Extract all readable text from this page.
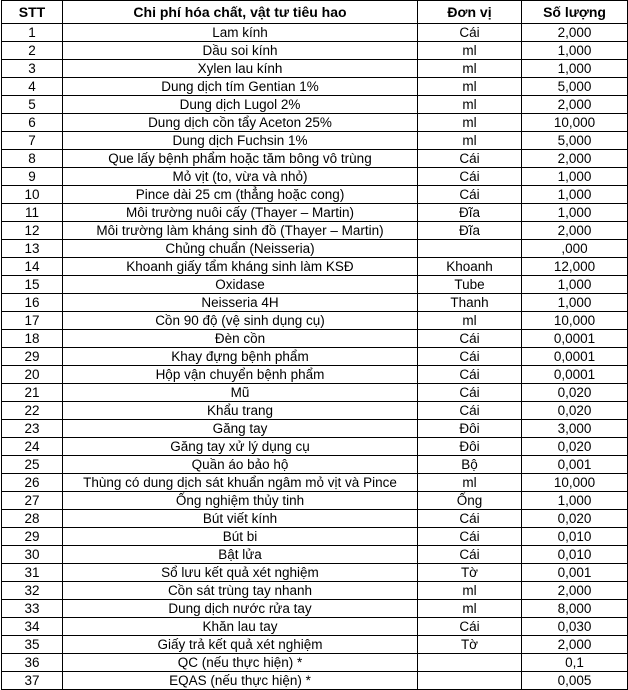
STT	Chi phí hóa chất, vật tư tiêu hao	Đơn vị	Số lượng
1	Lam kính	Cái	2,000
2	Dầu soi kính	ml	1,000
3	Xylen lau kính	ml	1,000
4	Dung dịch tím Gentian 1%	ml	5,000
5	Dung dịch Lugol 2%	ml	2,000
6	Dung dịch cồn tẩy Aceton 25%	ml	10,000
7	Dung dịch Fuchsin 1%	ml	5,000
8	Que lấy bệnh phẩm hoặc tăm bông vô trùng	Cái	2,000
9	Mỏ vịt (to, vừa và nhỏ)	Cái	1,000
10	Pince dài 25 cm (thẳng hoặc cong)	Cái	1,000
11	Môi trường nuôi cấy (Thayer – Martin)	Đĩa	1,000
12	Môi trường làm kháng sinh đồ (Thayer – Martin)	Đĩa	2,000
13	Chủng chuẩn (Neisseria)		,000
14	Khoanh giấy tẩm kháng sinh làm KSĐ	Khoanh	12,000
15	Oxidase	Tube	1,000
16	Neisseria 4H	Thanh	1,000
17	Cồn 90 độ (vệ sinh dụng cụ)	ml	10,000
18	Đèn cồn	Cái	0,0001
29	Khay đựng bệnh phẩm	Cái	0,0001
20	Hộp vận chuyển bệnh phẩm	Cái	0,0001
21	Mũ	Cái	0,020
22	Khẩu trang	Cái	0,020
23	Găng tay	Đôi	3,000
24	Găng tay xử lý dụng cụ	Đôi	0,020
25	Quần áo bảo hộ	Bộ	0,001
26	Thùng có dung dịch sát khuẩn ngâm mỏ vịt và Pince	ml	10,000
27	Ống nghiệm thủy tinh	Ống	1,000
28	Bút viết kính	Cái	0,020
29	Bút bi	Cái	0,010
30	Bật lửa	Cái	0,010
31	Sổ lưu kết quả xét nghiệm	Tờ	0,001
32	Cồn sát trùng tay nhanh	ml	2,000
33	Dung dịch nước rửa tay	ml	8,000
34	Khăn lau tay	Cái	0,030
35	Giấy trả kết quả xét nghiệm	Tờ	2,000
36	QC (nếu thực hiện) *		0,1
37	EQAS (nếu thực hiện) *		0,005
